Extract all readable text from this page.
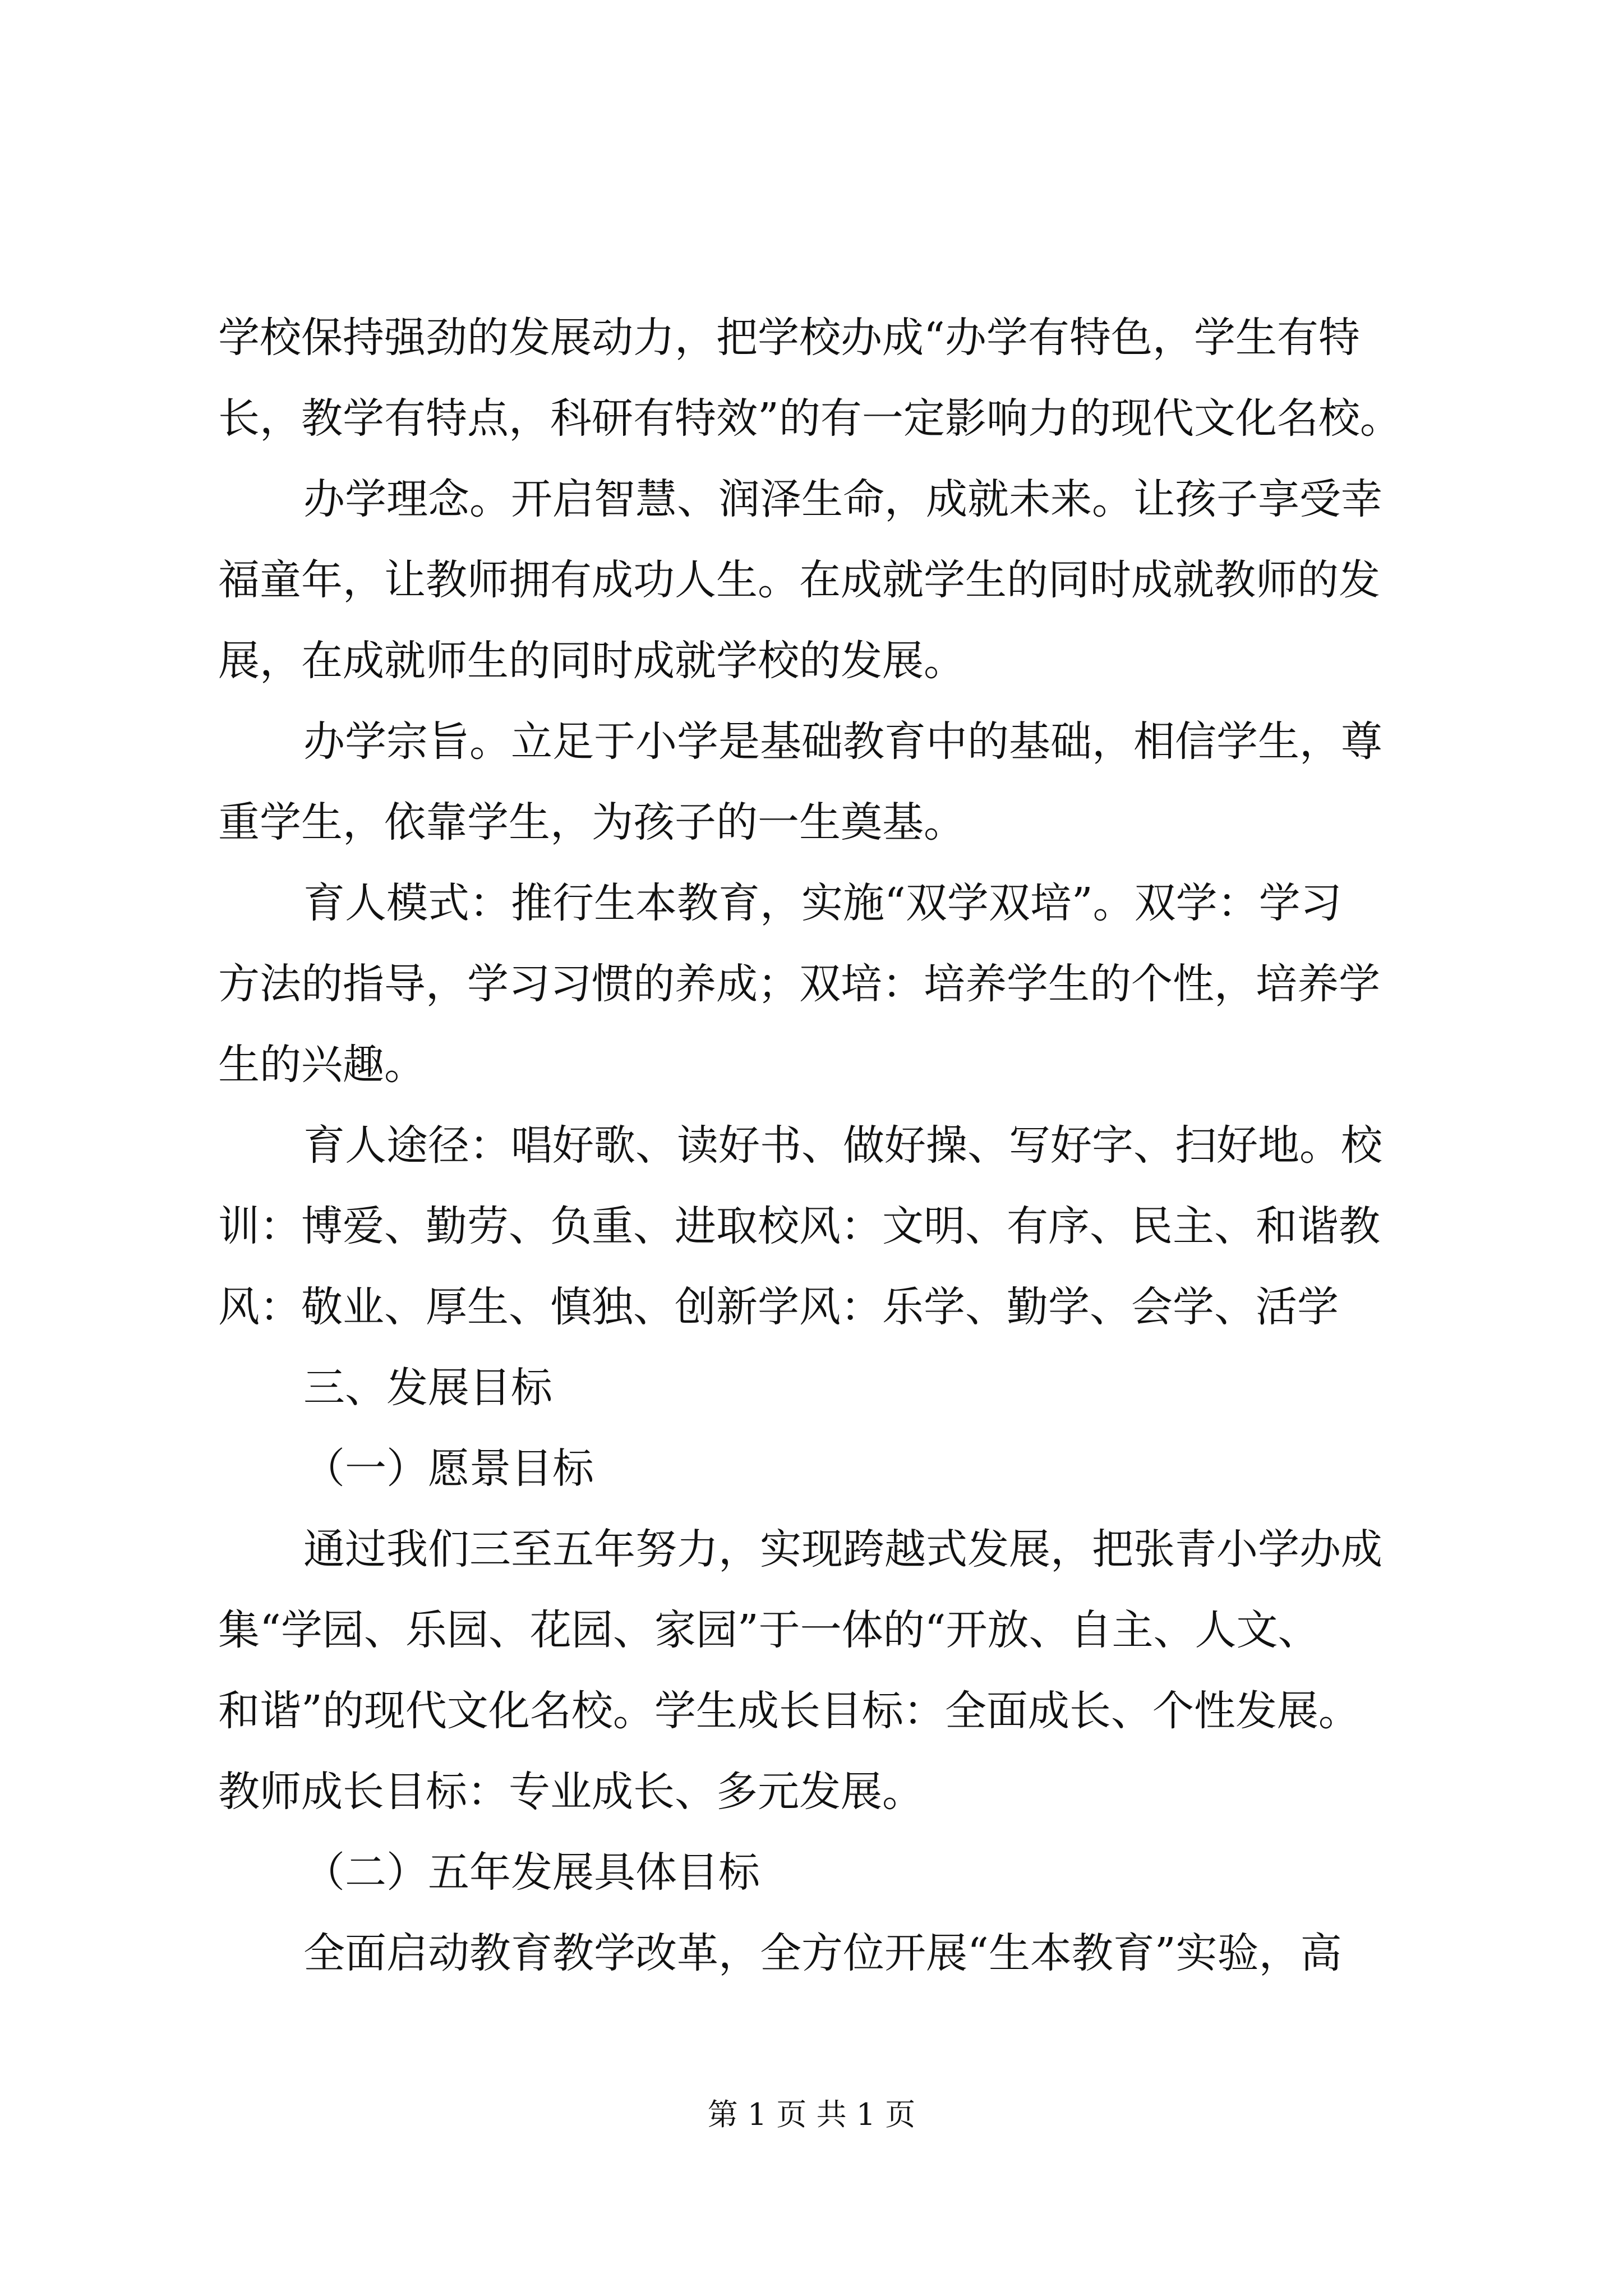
学校保持强劲的发展动力，把学校办成“办学有特色，学生有特
长，教学有特点，科研有特效”的有一定影响力的现代文化名校。
办学理念。开启智慧、润泽生命，成就未来。让孩子享受幸
福童年，让教师拥有成功人生。在成就学生的同时成就教师的发
展，在成就师生的同时成就学校的发展。
办学宗旨。立足于小学是基础教育中的基础，相信学生，尊
重学生，依靠学生，为孩子的一生奠基。
育人模式：推行生本教育，实施“双学双培”。双学：学习
方法的指导，学习习惯的养成；双培：培养学生的个性，培养学
生的兴趣。
育人途径：唱好歌、读好书、做好操、写好字、扫好地。校
训：博爱、勤劳、负重、进取校风：文明、有序、民主、和谐教
风：敬业、厚生、慎独、创新学风：乐学、勤学、会学、活学
三、发展目标
（一）愿景目标
通过我们三至五年努力，实现跨越式发展，把张青小学办成
集“学园、乐园、花园、家园”于一体的“开放、自主、人文、
和谐”的现代文化名校。学生成长目标：全面成长、个性发展。
教师成长目标：专业成长、多元发展。
（二）五年发展具体目标
全面启动教育教学改革，全方位开展“生本教育”实验，高
第 1 页 共 1 页
